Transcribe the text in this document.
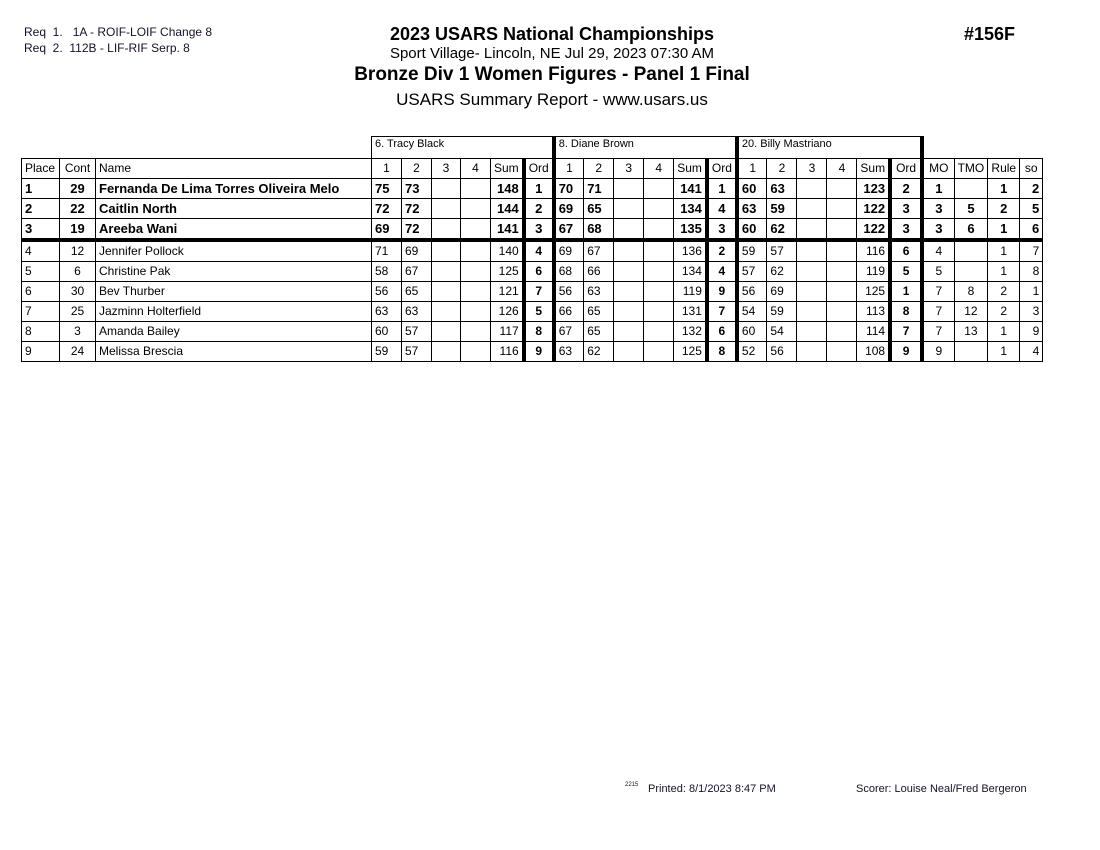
Req  1.   1A - ROIF-LOIF Change 8
Req  2.  112B - LIF-RIF Serp. 8
2023 USARS National Championships
Sport Village- Lincoln, NE Jul 29, 2023 07:30 AM
Bronze Div 1 Women Figures - Panel 1 Final
USARS Summary Report - www.usars.us
#156F
			6. Tracy Black						8. Diane Brown						20. Billy Mastriano									
Place	Cont	Name	1	2	3	4	Sum	Ord	1	2	3	4	Sum	Ord	1	2	3	4	Sum	Ord	MO	TMO	Rule	so
1	29	Fernanda De Lima Torres Oliveira Melo	75	73			148	1	70	71			141	1	60	63			123	2	1		1	2
2	22	Caitlin North	72	72			144	2	69	65			134	4	63	59			122	3	3	5	2	5
3	19	Areeba Wani	69	72			141	3	67	68			135	3	60	62			122	3	3	6	1	6
4	12	Jennifer Pollock	71	69			140	4	69	67			136	2	59	57			116	6	4		1	7
5	6	Christine Pak	58	67			125	6	68	66			134	4	57	62			119	5	5		1	8
6	30	Bev Thurber	56	65			121	7	56	63			119	9	56	69			125	1	7	8	2	1
7	25	Jazminn Holterfield	63	63			126	5	66	65			131	7	54	59			113	8	7	12	2	3
8	3	Amanda Bailey	60	57			117	8	67	65			132	6	60	54			114	7	7	13	1	9
9	24	Melissa Brescia	59	57			116	9	63	62			125	8	52	56			108	9	9		1	4
2215 Printed: 8/1/2023 8:47 PM	Scorer: Louise Neal/Fred Bergeron
